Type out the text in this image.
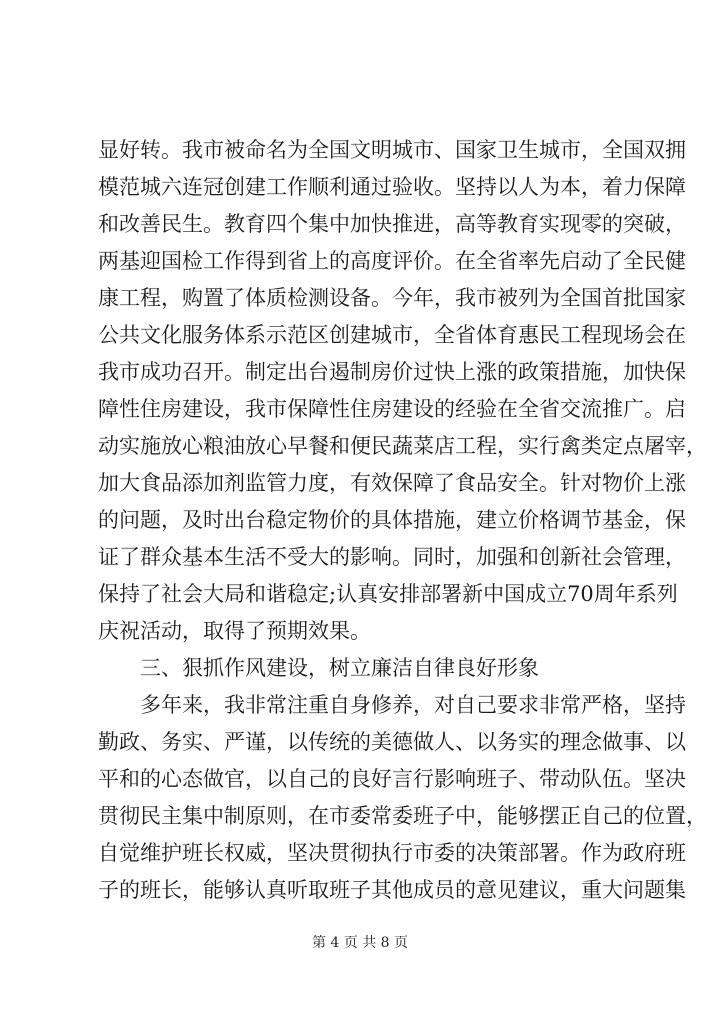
显好转。我市被命名为全国文明城市、国家卫生城市，全国双拥
模范城六连冠创建工作顺利通过验收。坚持以人为本，着力保障
和改善民生。教育四个集中加快推进，高等教育实现零的突破，
两基迎国检工作得到省上的高度评价。在全省率先启动了全民健
康工程，购置了体质检测设备。今年，我市被列为全国首批国家
公共文化服务体系示范区创建城市，全省体育惠民工程现场会在
我市成功召开。制定出台遏制房价过快上涨的政策措施，加快保
障性住房建设，我市保障性住房建设的经验在全省交流推广。启
动实施放心粮油放心早餐和便民蔬菜店工程，实行禽类定点屠宰，
加大食品添加剂监管力度，有效保障了食品安全。针对物价上涨
的问题，及时出台稳定物价的具体措施，建立价格调节基金，保
证了群众基本生活不受大的影响。同时，加强和创新社会管理，
保持了社会大局和谐稳定;认真安排部署新中国成立70周年系列
庆祝活动，取得了预期效果。
三、狠抓作风建设，树立廉洁自律良好形象
多年来，我非常注重自身修养，对自己要求非常严格，坚持
勤政、务实、严谨，以传统的美德做人、以务实的理念做事、以
平和的心态做官，以自己的良好言行影响班子、带动队伍。坚决
贯彻民主集中制原则，在市委常委班子中，能够摆正自己的位置，
自觉维护班长权威，坚决贯彻执行市委的决策部署。作为政府班
子的班长，能够认真听取班子其他成员的意见建议，重大问题集
第 4 页 共 8 页
